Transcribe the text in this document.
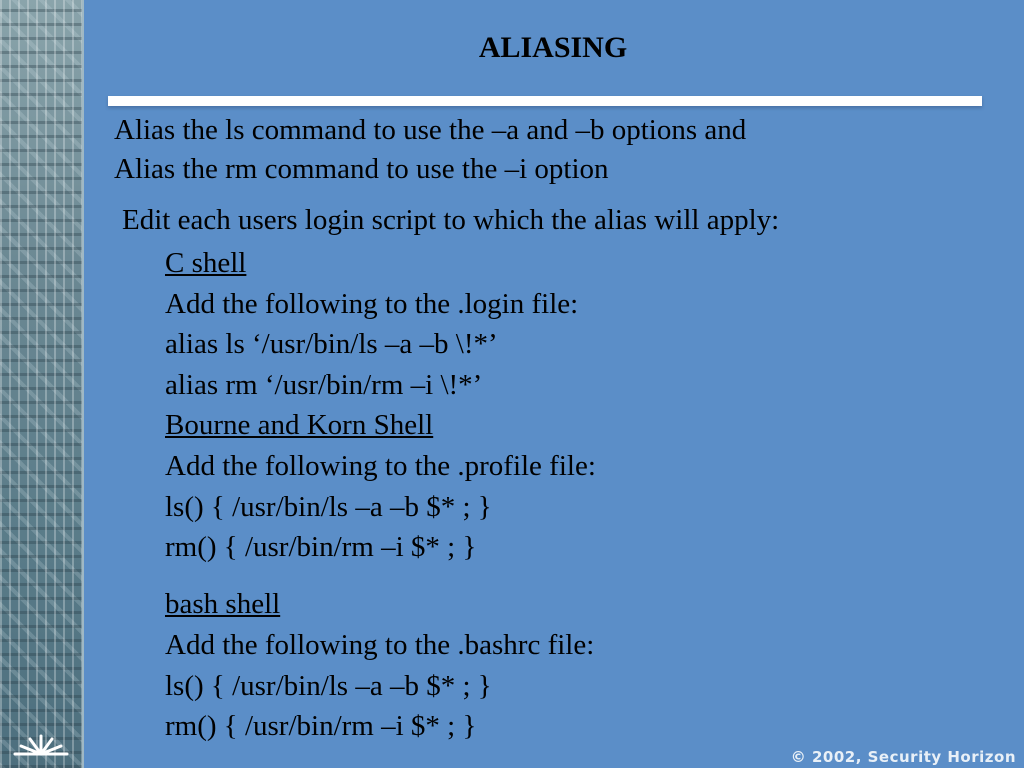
ALIASING
Alias the ls command to use the –a and –b options and
Alias the rm command to use the –i option
Edit each users login script to which the alias will apply:
C shell
Add the following to the .login file:
alias ls ‘/usr/bin/ls –a –b \!*’
alias rm ‘/usr/bin/rm –i \!*’
Bourne and Korn Shell
Add the following to the .profile file:
ls() { /usr/bin/ls –a –b $* ; }
rm() { /usr/bin/rm –i $* ; }
bash shell
Add the following to the .bashrc file:
ls() { /usr/bin/ls –a –b $* ; }
rm() { /usr/bin/rm –i $* ; }
© 2002, Security Horizon
